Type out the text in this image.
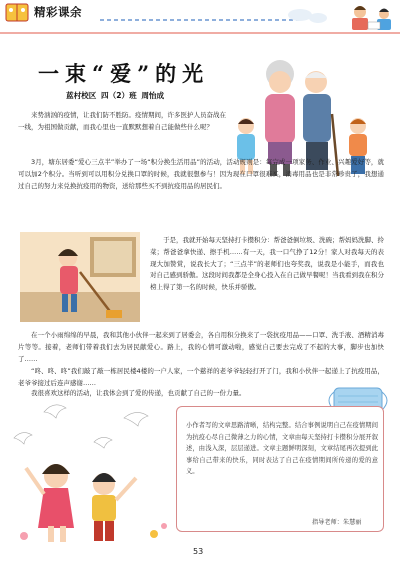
精彩课余
一束“爱”的光
蓝村校区 四（2）班 周怡成
来势汹汹的疫情，让我们防不胜防。疫情期间，许多医护人员奋战在一线，为祖国做贡献，而我心里也一直默默想着自己能做些什么呢？
3月，塘东居委“爱心三点半”举办了一场“积分换生活用品”的活动，活动规则是：每完成一项家务、作业、兴趣爱好等，就可以加2个积分。当听到可以用积分兑换口罩的时候，我就很想参与！因为现在口罩很难买，消毒用品也是非常珍贵了，我想通过自己的努力来兑换抗疫用的物资，送给那些买不到抗疫用品的居民们。
于是，我就开始每天坚持打卡攒积分：帮爸爸倒垃圾、洗碗；帮妈妈洗脚、拎菜；帮爸爸拿快递、擦手机……有一天，我一口气挣了12分！家人对我每天的表现大加赞赏，说我长大了；“三点半”的老师们也夸奖我，说我是小能手，而我也对自己感到骄傲。这段时间我都是全身心投入在自己做早餐呢！当我看到我在积分榜上得了第一名的时候，快乐并骄傲。
在一个小雨绵绵的早晨，我和其他小伙伴一起来到了居委会，各自用积分换来了一袋抗疫用品——口罩、洗手液、酒精消毒片等等。接着，老师们带着我们去为居民献爱心。路上，我的心情可激动啦，感觉自己要去完成了不起的大事，脚步也加快了……
“咚、咚、咚”我们敲了敲一栋居民楼4楼的一户人家，一个慈祥的老爷爷轻轻打开了门，我和小伙伴一起递上了抗疫用品，老爷爷接过后连声感谢……
我很喜欢这样的活动，让我体会到了爱的传递，也贡献了自己的一份力量。
小作者写的文章思路清晰，结构完整。结合事例说明自己在疫情期间为抗疫心尽自己微薄之力的心情，文章由每天坚持打卡攒积分展开叙述，由浅入深，层层递进。文章主题鲜明深刻，文章结尾再次提到此事给自己带来的快乐，同时表达了自己在疫情期间所传递的爱的意义。
指导老师：朱慧丽
53
